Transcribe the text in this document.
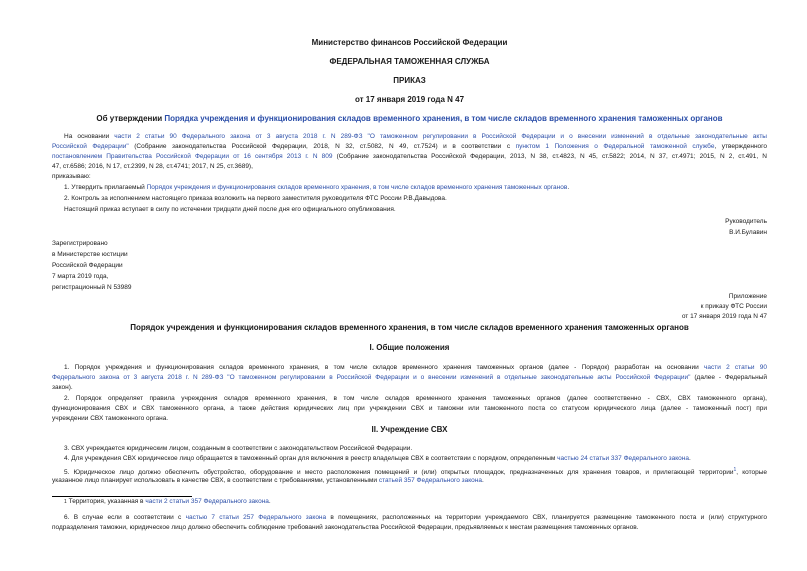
Министерство финансов Российской Федерации
ФЕДЕРАЛЬНАЯ ТАМОЖЕННАЯ СЛУЖБА
ПРИКАЗ
от 17 января 2019 года N 47
Об утверждении Порядка учреждения и функционирования складов временного хранения, в том числе складов временного хранения таможенных органов
На основании части 2 статьи 90 Федерального закона от 3 августа 2018 г. N 289-ФЗ "О таможенном регулировании в Российской Федерации и о внесении изменений в отдельные законодательные акты
Российской Федерации" (Собрание законодательства Российской Федерации, 2018, N 32, ст.5082, N 49, ст.7524) и в соответствии с пунктом 1 Положения о Федеральной таможенной службе, утвержденного
постановлением Правительства Российской Федерации от 16 сентября 2013 г. N 809 (Собрание законодательства Российской Федерации, 2013, N 38, ст.4823, N 45, ст.5822; 2014, N 37, ст.4971; 2015, N 2, ст.491, N
47, ст.6586; 2016, N 17, ст.2399, N 28, ст.4741; 2017, N 25, ст.3689),
приказываю:
1. Утвердить прилагаемый Порядок учреждения и функционирования складов временного хранения, в том числе складов временного хранения таможенных органов.
2. Контроль за исполнением настоящего приказа возложить на первого заместителя руководителя ФТС России Р.В.Давыдова.
Настоящий приказ вступает в силу по истечении тридцати дней после дня его официального опубликования.
Руководитель
В.И.Булавин
Зарегистрировано
в Министерстве юстиции
Российской Федерации
7 марта 2019 года,
регистрационный N 53989
Приложение
к приказу ФТС России
от 17 января 2019 года N 47
Порядок учреждения и функционирования складов временного хранения, в том числе складов временного хранения таможенных органов
I. Общие положения
1. Порядок учреждения и функционирования складов временного хранения, в том числе складов временного хранения таможенных органов (далее - Порядок) разработан на основании части 2 статьи 90
Федерального закона от 3 августа 2018 г. N 289-ФЗ "О таможенном регулировании в Российской Федерации и о внесении изменений в отдельные законодательные акты Российской Федерации" (далее - Федеральный
закон).
2. Порядок определяет правила учреждения складов временного хранения, в том числе складов временного хранения таможенных органов (далее соответственно - СВХ, СВХ таможенного органа),
функционирования СВХ и СВХ таможенного органа, а также действия юридических лиц при учреждении СВХ и таможни или таможенного поста со статусом юридического лица (далее - таможенный пост) при
учреждении СВХ таможенного органа.
II. Учреждение СВХ
3. СВХ учреждается юридическим лицом, созданным в соответствии с законодательством Российской Федерации.
4. Для учреждения СВХ юридическое лицо обращается в таможенный орган для включения в реестр владельцев СВХ в соответствии с порядком, определенным частью 24 статьи 337 Федерального закона.
5. Юридическое лицо должно обеспечить обустройство, оборудование и место расположения помещений и (или) открытых площадок, предназначенных для хранения товаров, и прилегающей территории$^1$, которые
указанное лицо планирует использовать в качестве СВХ, в соответствии с требованиями, установленными статьей 357 Федерального закона.
1 Территория, указанная в части 2 статьи 357 Федерального закона.
6. В случае если в соответствии с частью 7 статьи 257 Федерального закона в помещениях, расположенных на территории учреждаемого СВХ, планируется размещение таможенного поста и (или) структурного
подразделения таможни, юридическое лицо должно обеспечить соблюдение требований законодательства Российской Федерации, предъявляемых к местам размещения таможенных органов.
